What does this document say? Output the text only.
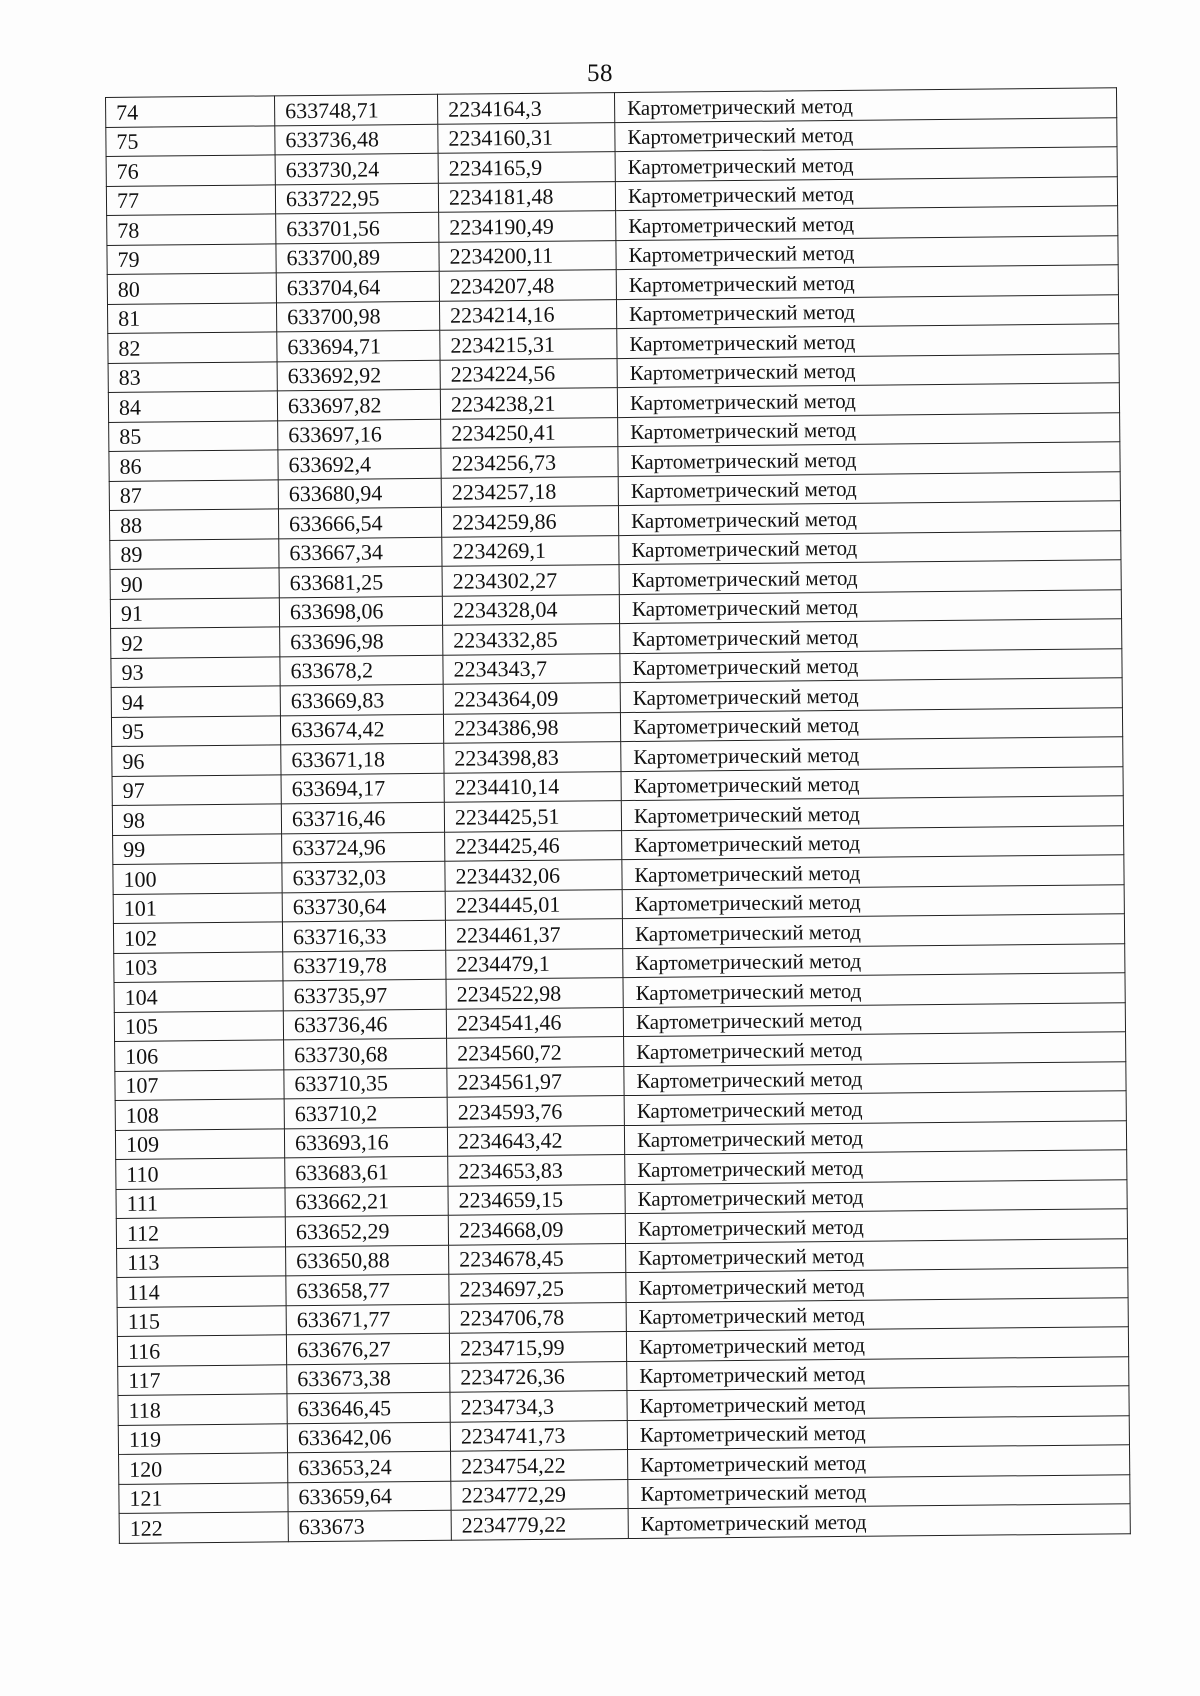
58
74	633748,71	2234164,3	Картометрический метод
75	633736,48	2234160,31	Картометрический метод
76	633730,24	2234165,9	Картометрический метод
77	633722,95	2234181,48	Картометрический метод
78	633701,56	2234190,49	Картометрический метод
79	633700,89	2234200,11	Картометрический метод
80	633704,64	2234207,48	Картометрический метод
81	633700,98	2234214,16	Картометрический метод
82	633694,71	2234215,31	Картометрический метод
83	633692,92	2234224,56	Картометрический метод
84	633697,82	2234238,21	Картометрический метод
85	633697,16	2234250,41	Картометрический метод
86	633692,4	2234256,73	Картометрический метод
87	633680,94	2234257,18	Картометрический метод
88	633666,54	2234259,86	Картометрический метод
89	633667,34	2234269,1	Картометрический метод
90	633681,25	2234302,27	Картометрический метод
91	633698,06	2234328,04	Картометрический метод
92	633696,98	2234332,85	Картометрический метод
93	633678,2	2234343,7	Картометрический метод
94	633669,83	2234364,09	Картометрический метод
95	633674,42	2234386,98	Картометрический метод
96	633671,18	2234398,83	Картометрический метод
97	633694,17	2234410,14	Картометрический метод
98	633716,46	2234425,51	Картометрический метод
99	633724,96	2234425,46	Картометрический метод
100	633732,03	2234432,06	Картометрический метод
101	633730,64	2234445,01	Картометрический метод
102	633716,33	2234461,37	Картометрический метод
103	633719,78	2234479,1	Картометрический метод
104	633735,97	2234522,98	Картометрический метод
105	633736,46	2234541,46	Картометрический метод
106	633730,68	2234560,72	Картометрический метод
107	633710,35	2234561,97	Картометрический метод
108	633710,2	2234593,76	Картометрический метод
109	633693,16	2234643,42	Картометрический метод
110	633683,61	2234653,83	Картометрический метод
111	633662,21	2234659,15	Картометрический метод
112	633652,29	2234668,09	Картометрический метод
113	633650,88	2234678,45	Картометрический метод
114	633658,77	2234697,25	Картометрический метод
115	633671,77	2234706,78	Картометрический метод
116	633676,27	2234715,99	Картометрический метод
117	633673,38	2234726,36	Картометрический метод
118	633646,45	2234734,3	Картометрический метод
119	633642,06	2234741,73	Картометрический метод
120	633653,24	2234754,22	Картометрический метод
121	633659,64	2234772,29	Картометрический метод
122	633673	2234779,22	Картометрический метод
